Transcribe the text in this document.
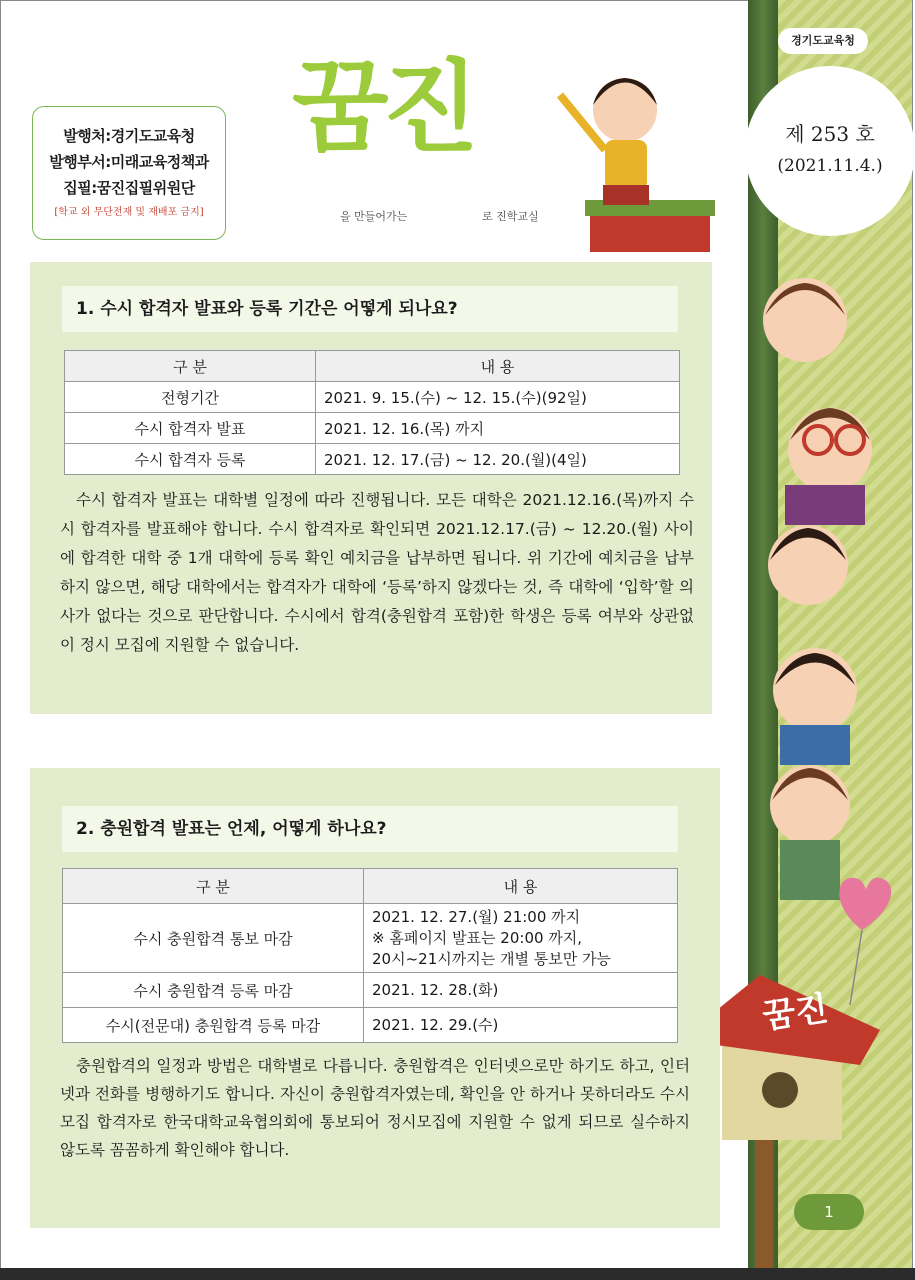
경기도교육청
제 253 호
(2021.11.4.)
발행처:경기도교육청
발행부서:미래교육정책과
집필:꿈진집필위원단
[학교 외 무단전재 및 재배포 금지]
꿈진
을 만들어가는	로 진학교실
1. 수시 합격자 발표와 등록 기간은 어떻게 되나요?
구 분	내 용
전형기간	2021. 9. 15.(수) ~ 12. 15.(수)(92일)
수시 합격자 발표	2021. 12. 16.(목) 까지
수시 합격자 등록	2021. 12. 17.(금) ~ 12. 20.(월)(4일)
수시 합격자 발표는 대학별 일정에 따라 진행됩니다. 모든 대학은 2021.12.16.(목)까지 수시 합격자를 발표해야 합니다. 수시 합격자로 확인되면 2021.12.17.(금) ~ 12.20.(월) 사이에 합격한 대학 중 1개 대학에 등록 확인 예치금을 납부하면 됩니다. 위 기간에 예치금을 납부하지 않으면, 해당 대학에서는 합격자가 대학에 ‘등록’하지 않겠다는 것, 즉 대학에 ‘입학’할 의사가 없다는 것으로 판단합니다. 수시에서 합격(충원합격 포함)한 학생은 등록 여부와 상관없이 정시 모집에 지원할 수 없습니다.
2. 충원합격 발표는 언제, 어떻게 하나요?
구 분	내 용
수시 충원합격 통보 마감	2021. 12. 27.(월) 21:00 까지
※ 홈페이지 발표는 20:00 까지,
20시~21시까지는 개별 통보만 가능

수시 충원합격 등록 마감	2021. 12. 28.(화)
수시(전문대) 충원합격 등록 마감	2021. 12. 29.(수)
충원합격의 일정과 방법은 대학별로 다릅니다. 충원합격은 인터넷으로만 하기도 하고, 인터넷과 전화를 병행하기도 합니다. 자신이 충원합격자였는데, 확인을 안 하거나 못하더라도 수시모집 합격자로 한국대학교육협의회에 통보되어 정시모집에 지원할 수 없게 되므로 실수하지 않도록 꼼꼼하게 확인해야 합니다.
꿈진
1
